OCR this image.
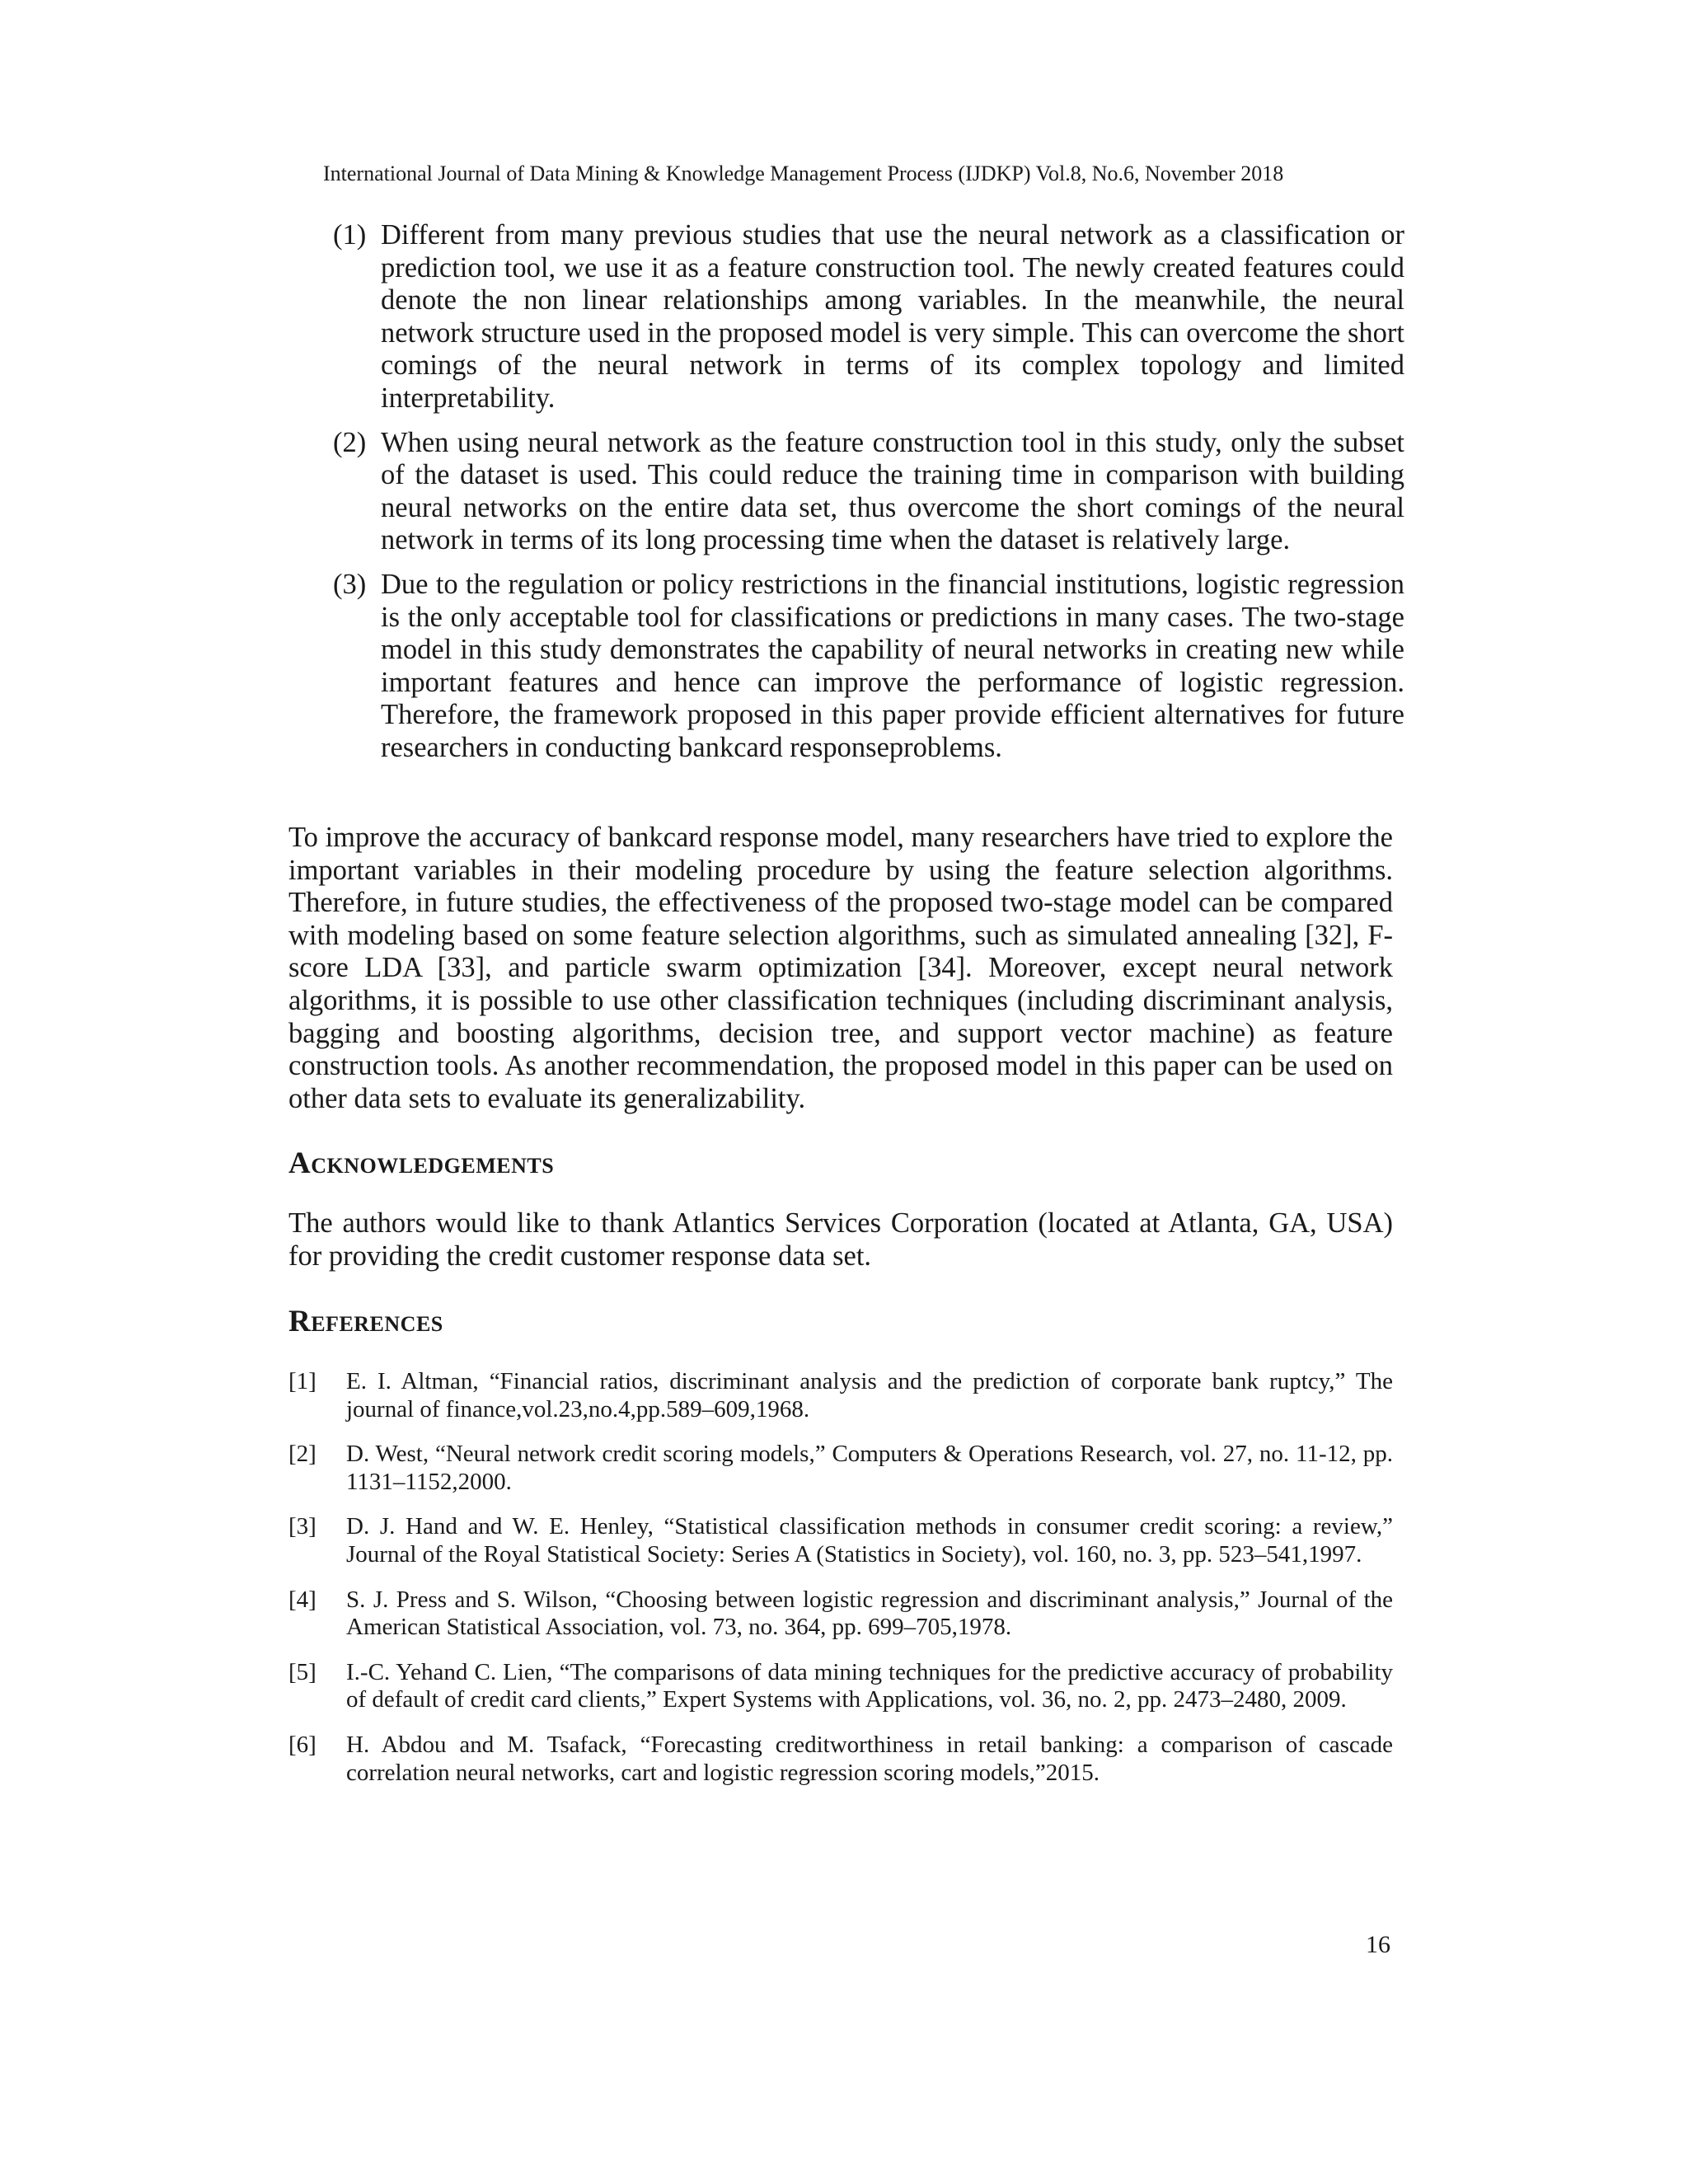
International Journal of Data Mining & Knowledge Management Process (IJDKP) Vol.8, No.6, November 2018
(1) Different from many previous studies that use the neural network as a classification or prediction tool, we use it as a feature construction tool. The newly created features could denote the non linear relationships among variables. In the meanwhile, the neural network structure used in the proposed model is very simple. This can overcome the short comings of the neural network in terms of its complex topology and limited interpretability.
(2) When using neural network as the feature construction tool in this study, only the subset of the dataset is used. This could reduce the training time in comparison with building neural networks on the entire data set, thus overcome the short comings of the neural network in terms of its long processing time when the dataset is relatively large.
(3) Due to the regulation or policy restrictions in the financial institutions, logistic regression is the only acceptable tool for classifications or predictions in many cases. The two-stage model in this study demonstrates the capability of neural networks in creating new while important features and hence can improve the performance of logistic regression. Therefore, the framework proposed in this paper provide efficient alternatives for future researchers in conducting bankcard responseproblems.

To improve the accuracy of bankcard response model, many researchers have tried to explore the important variables in their modeling procedure by using the feature selection algorithms. Therefore, in future studies, the effectiveness of the proposed two-stage model can be compared with modeling based on some feature selection algorithms, such as simulated annealing [32], F-score LDA [33], and particle swarm optimization [34]. Moreover, except neural network algorithms, it is possible to use other classification techniques (including discriminant analysis, bagging and boosting algorithms, decision tree, and support vector machine) as feature construction tools. As another recommendation, the proposed model in this paper can be used on other data sets to evaluate its generalizability.

Acknowledgements

The authors would like to thank Atlantics Services Corporation (located at Atlanta, GA, USA) for providing the credit customer response data set.

References
[1] E. I. Altman, “Financial ratios, discriminant analysis and the prediction of corporate bank ruptcy,” The journal of finance,vol.23,no.4,pp.589–609,1968.
[2] D. West, “Neural network credit scoring models,” Computers & Operations Research, vol. 27, no. 11-12, pp. 1131–1152,2000.
[3] D. J. Hand and W. E. Henley, “Statistical classification methods in consumer credit scoring: a review,” Journal of the Royal Statistical Society: Series A (Statistics in Society), vol. 160, no. 3, pp. 523–541,1997.
[4] S. J. Press and S. Wilson, “Choosing between logistic regression and discriminant analysis,” Journal of the American Statistical Association, vol. 73, no. 364, pp. 699–705,1978.
[5] I.-C. Yehand C. Lien, “The comparisons of data mining techniques for the predictive accuracy of probability of default of credit card clients,” Expert Systems with Applications, vol. 36, no. 2, pp. 2473–2480, 2009.
[6] H. Abdou and M. Tsafack, “Forecasting creditworthiness in retail banking: a comparison of cascade correlation neural networks, cart and logistic regression scoring models,”2015.
16
